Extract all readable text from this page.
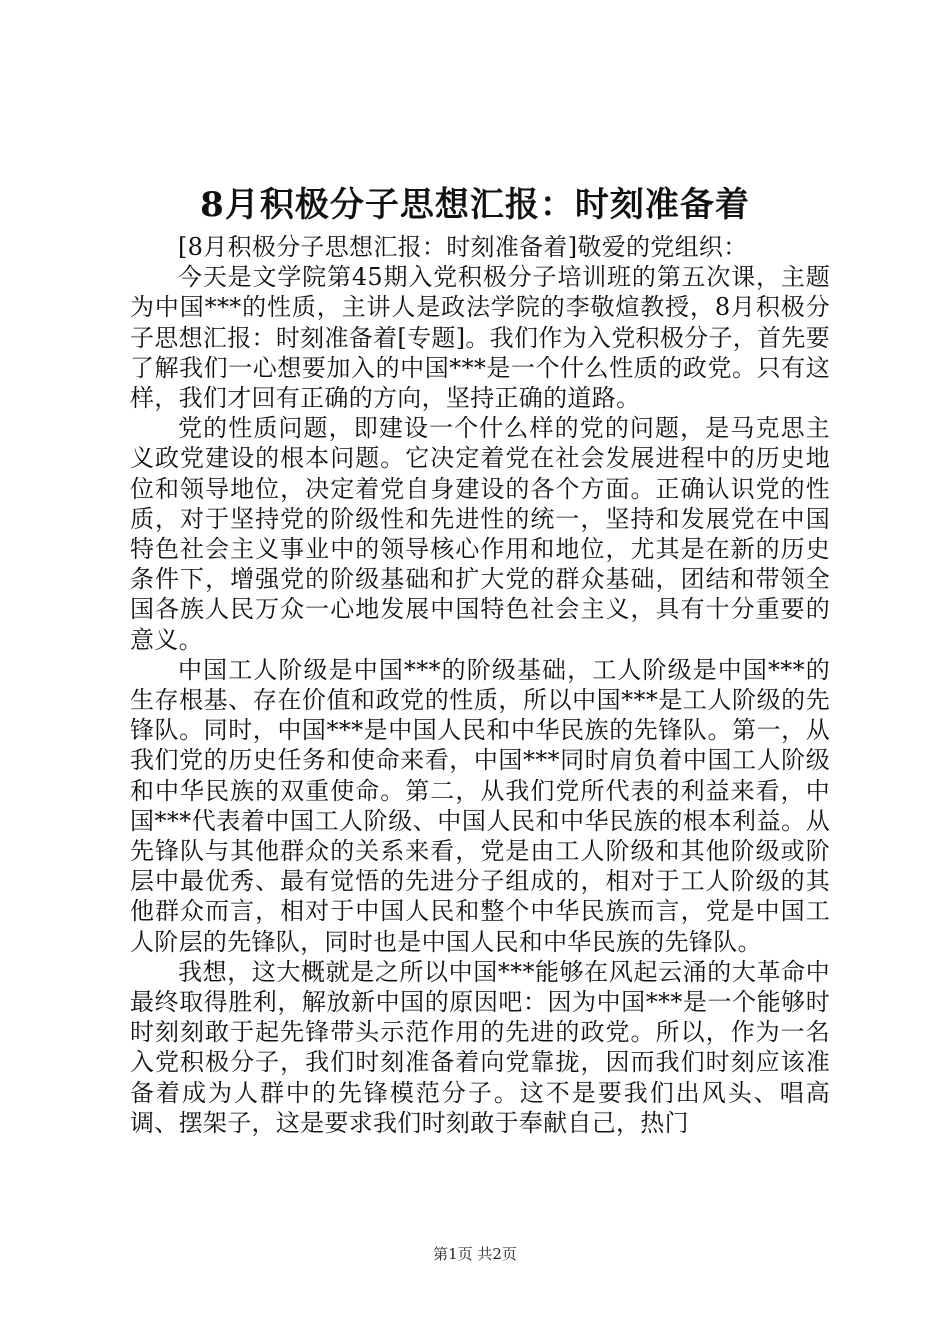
8月积极分子思想汇报：时刻准备着

[8月积极分子思想汇报：时刻准备着]敬爱的党组织：

今天是文学院第45期入党积极分子培训班的第五次课，主题为中国***的性质，主讲人是政法学院的李敬煊教授，8月积极分子思想汇报：时刻准备着[专题]。我们作为入党积极分子，首先要了解我们一心想要加入的中国***是一个什么性质的政党。只有这样，我们才回有正确的方向，坚持正确的道路。

党的性质问题，即建设一个什么样的党的问题，是马克思主义政党建设的根本问题。它决定着党在社会发展进程中的历史地位和领导地位，决定着党自身建设的各个方面。正确认识党的性质，对于坚持党的阶级性和先进性的统一，坚持和发展党在中国特色社会主义事业中的领导核心作用和地位，尤其是在新的历史条件下，增强党的阶级基础和扩大党的群众基础，团结和带领全国各族人民万众一心地发展中国特色社会主义，具有十分重要的意义。

中国工人阶级是中国***的阶级基础，工人阶级是中国***的生存根基、存在价值和政党的性质，所以中国***是工人阶级的先锋队。同时，中国***是中国人民和中华民族的先锋队。第一，从我们党的历史任务和使命来看，中国***同时肩负着中国工人阶级和中华民族的双重使命。第二，从我们党所代表的利益来看，中国***代表着中国工人阶级、中国人民和中华民族的根本利益。从先锋队与其他群众的关系来看，党是由工人阶级和其他阶级或阶层中最优秀、最有觉悟的先进分子组成的，相对于工人阶级的其他群众而言，相对于中国人民和整个中华民族而言，党是中国工人阶层的先锋队，同时也是中国人民和中华民族的先锋队。

我想，这大概就是之所以中国***能够在风起云涌的大革命中最终取得胜利，解放新中国的原因吧：因为中国***是一个能够时时刻刻敢于起先锋带头示范作用的先进的政党。所以，作为一名入党积极分子，我们时刻准备着向党靠拢，因而我们时刻应该准备着成为人群中的先锋模范分子。这不是要我们出风头、唱高调、摆架子，这是要求我们时刻敢于奉献自己，热门

第1页 共2页
